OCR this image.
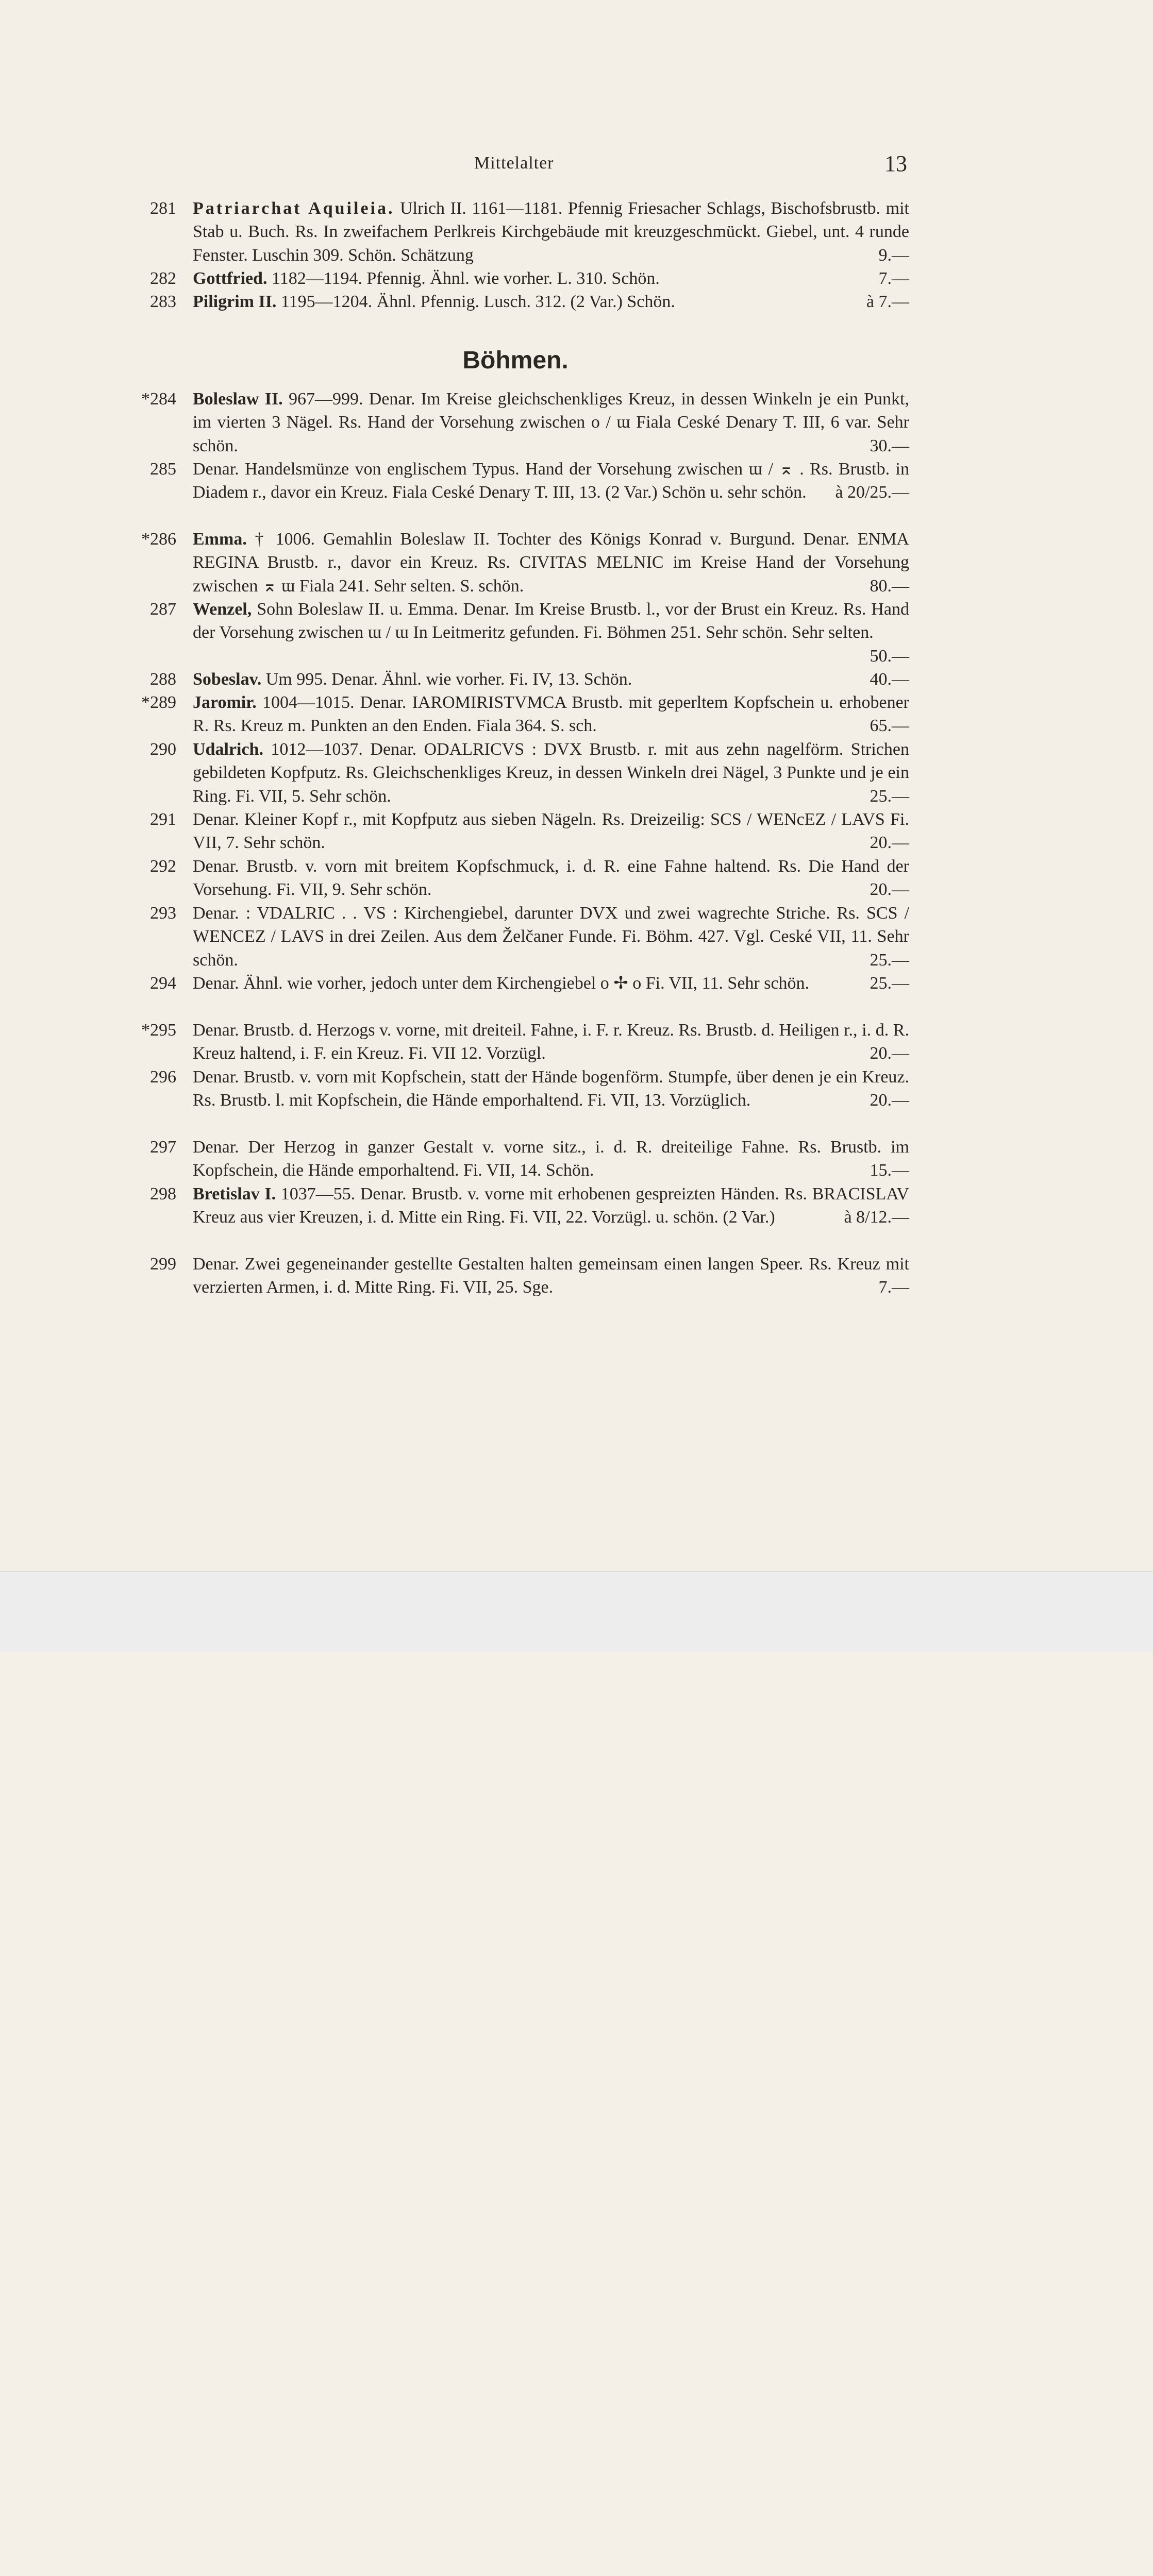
Mittelalter	13
Böhmen.
281 Patriarchat Aquileia. Ulrich II. 1161—1181. Pfennig Friesacher Schlags, Bischofsbrustb. mit Stab u. Buch. Rs. In zweifachem Perlkreis Kirchgebäude mit kreuzgeschmückt. Giebel, unt. 4 runde Fenster. Luschin 309. Schön. Schätzung	9.—
282 Gottfried. 1182—1194. Pfennig. Ähnl. wie vorher. L. 310. Schön.	7.—
283 Piligrim II. 1195—1204. Ähnl. Pfennig. Lusch. 312. (2 Var.) Schön.	à 7.—
*284 Boleslaw II. 967—999. Denar. Im Kreise gleichschenkliges Kreuz, in dessen Winkeln je ein Punkt, im vierten 3 Nägel. Rs. Hand der Vorsehung zwischen o / ɯ Fiala Ceské Denary T. III, 6 var. Sehr schön.	30.—
285 Denar. Handelsmünze von englischem Typus. Hand der Vorsehung zwischen ɯ / ⌅ . Rs. Brustb. in Diadem r., davor ein Kreuz. Fiala Ceské Denary T. III, 13. (2 Var.) Schön u. sehr schön. à 20/25.—
*286 Emma. † 1006. Gemahlin Boleslaw II. Tochter des Königs Konrad v. Burgund. Denar. ENMA REGINA Brustb. r., davor ein Kreuz. Rs. CIVITAS MELNIC im Kreise Hand der Vorsehung zwischen ⌅ ɯ Fiala 241. Sehr selten. S. schön.	80.—
287 Wenzel, Sohn Boleslaw II. u. Emma. Denar. Im Kreise Brustb. l., vor der Brust ein Kreuz. Rs. Hand der Vorsehung zwischen ɯ / ɯ In Leitmeritz gefunden. Fi. Böhmen 251. Sehr schön. Sehr selten.
50.—
288 Sobeslav. Um 995. Denar. Ähnl. wie vorher. Fi. IV, 13. Schön.	40.—
*289 Jaromir. 1004—1015. Denar. IAROMIRISTVMCA Brustb. mit geperltem Kopfschein u. erhobener R. Rs. Kreuz m. Punkten an den Enden. Fiala 364. S. sch.	65.—
290 Udalrich. 1012—1037. Denar. ODALRICVS : DVX Brustb. r. mit aus zehn nagelförm. Strichen gebildeten Kopfputz. Rs. Gleichschenkliges Kreuz, in dessen Winkeln drei Nägel, 3 Punkte und je ein Ring. Fi. VII, 5. Sehr schön.	25.—
291 Denar. Kleiner Kopf r., mit Kopfputz aus sieben Nägeln. Rs. Dreizeilig: SCS / WENcEZ / LAVS Fi. VII, 7. Sehr schön.	20.—
292 Denar. Brustb. v. vorn mit breitem Kopfschmuck, i. d. R. eine Fahne haltend. Rs. Die Hand der Vorsehung. Fi. VII, 9. Sehr schön.	20.—
293 Denar. : VDALRIC . . VS : Kirchengiebel, darunter DVX und zwei wagrechte Striche. Rs. SCS / WENCEZ / LAVS in drei Zeilen. Aus dem Želčaner Funde. Fi. Böhm. 427. Vgl. Ceské VII, 11. Sehr schön.	25.—
294 Denar. Ähnl. wie vorher, jedoch unter dem Kirchengiebel o ✢ o Fi. VII, 11. Sehr schön.	25.—
*295 Denar. Brustb. d. Herzogs v. vorne, mit dreiteil. Fahne, i. F. r. Kreuz. Rs. Brustb. d. Heiligen r., i. d. R. Kreuz haltend, i. F. ein Kreuz. Fi. VII 12. Vorzügl.	20.—
296 Denar. Brustb. v. vorn mit Kopfschein, statt der Hände bogenförm. Stumpfe, über denen je ein Kreuz. Rs. Brustb. l. mit Kopfschein, die Hände emporhaltend. Fi. VII, 13. Vorzüglich.	20.—
297 Denar. Der Herzog in ganzer Gestalt v. vorne sitz., i. d. R. dreiteilige Fahne. Rs. Brustb. im Kopfschein, die Hände emporhaltend. Fi. VII, 14. Schön.	15.—
298 Bretislav I. 1037—55. Denar. Brustb. v. vorne mit erhobenen gespreizten Händen. Rs. BRACISLAV Kreuz aus vier Kreuzen, i. d. Mitte ein Ring. Fi. VII, 22. Vorzügl. u. schön. (2 Var.)	à 8/12.—
299 Denar. Zwei gegeneinander gestellte Gestalten halten gemeinsam einen langen Speer. Rs. Kreuz mit verzierten Armen, i. d. Mitte Ring. Fi. VII, 25. Sge.	7.—
